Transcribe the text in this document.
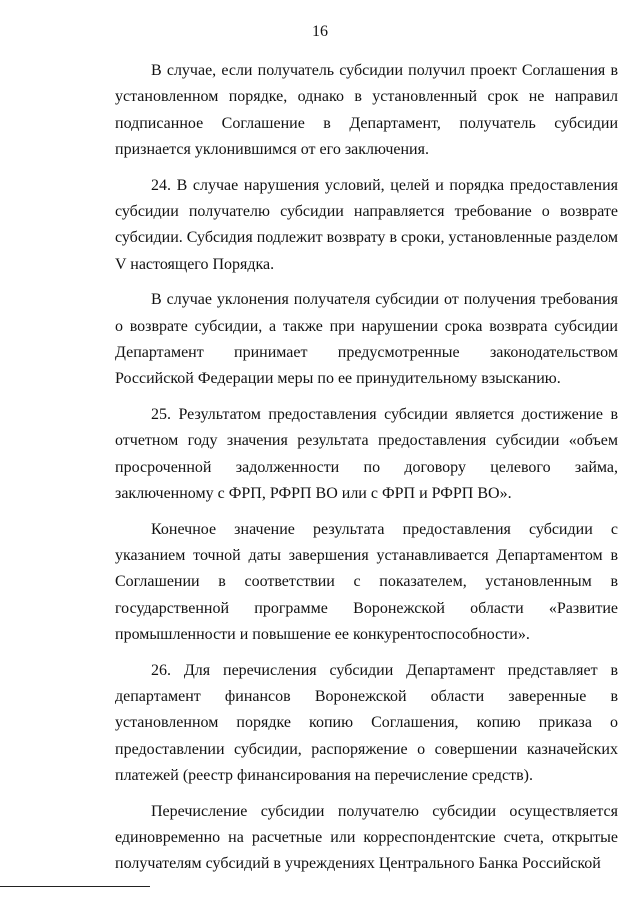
16

В случае, если получатель субсидии получил проект Соглашения в установленном порядке, однако в установленный срок не направил подписанное Соглашение в Департамент, получатель субсидии признается уклонившимся от его заключения.

24. В случае нарушения условий, целей и порядка предоставления субсидии получателю субсидии направляется требование о возврате субсидии. Субсидия подлежит возврату в сроки, установленные разделом V настоящего Порядка.

В случае уклонения получателя субсидии от получения требования о возврате субсидии, а также при нарушении срока возврата субсидии Департамент принимает предусмотренные законодательством Российской Федерации меры по ее принудительному взысканию.

25. Результатом предоставления субсидии является достижение в отчетном году значения результата предоставления субсидии «объем просроченной задолженности по договору целевого займа, заключенному с ФРП, РФРП ВО или с ФРП и РФРП ВО».

Конечное значение результата предоставления субсидии с указанием точной даты завершения устанавливается Департаментом в Соглашении в соответствии с показателем, установленным в государственной программе Воронежской области «Развитие промышленности и повышение ее конкурентоспособности».

26. Для перечисления субсидии Департамент представляет в департамент финансов Воронежской области заверенные в установленном порядке копию Соглашения, копию приказа о предоставлении субсидии, распоряжение о совершении казначейских платежей (реестр финансирования на перечисление средств).

Перечисление субсидии получателю субсидии осуществляется единовременно на расчетные или корреспондентские счета, открытые получателям субсидий в учреждениях Центрального Банка Российской
